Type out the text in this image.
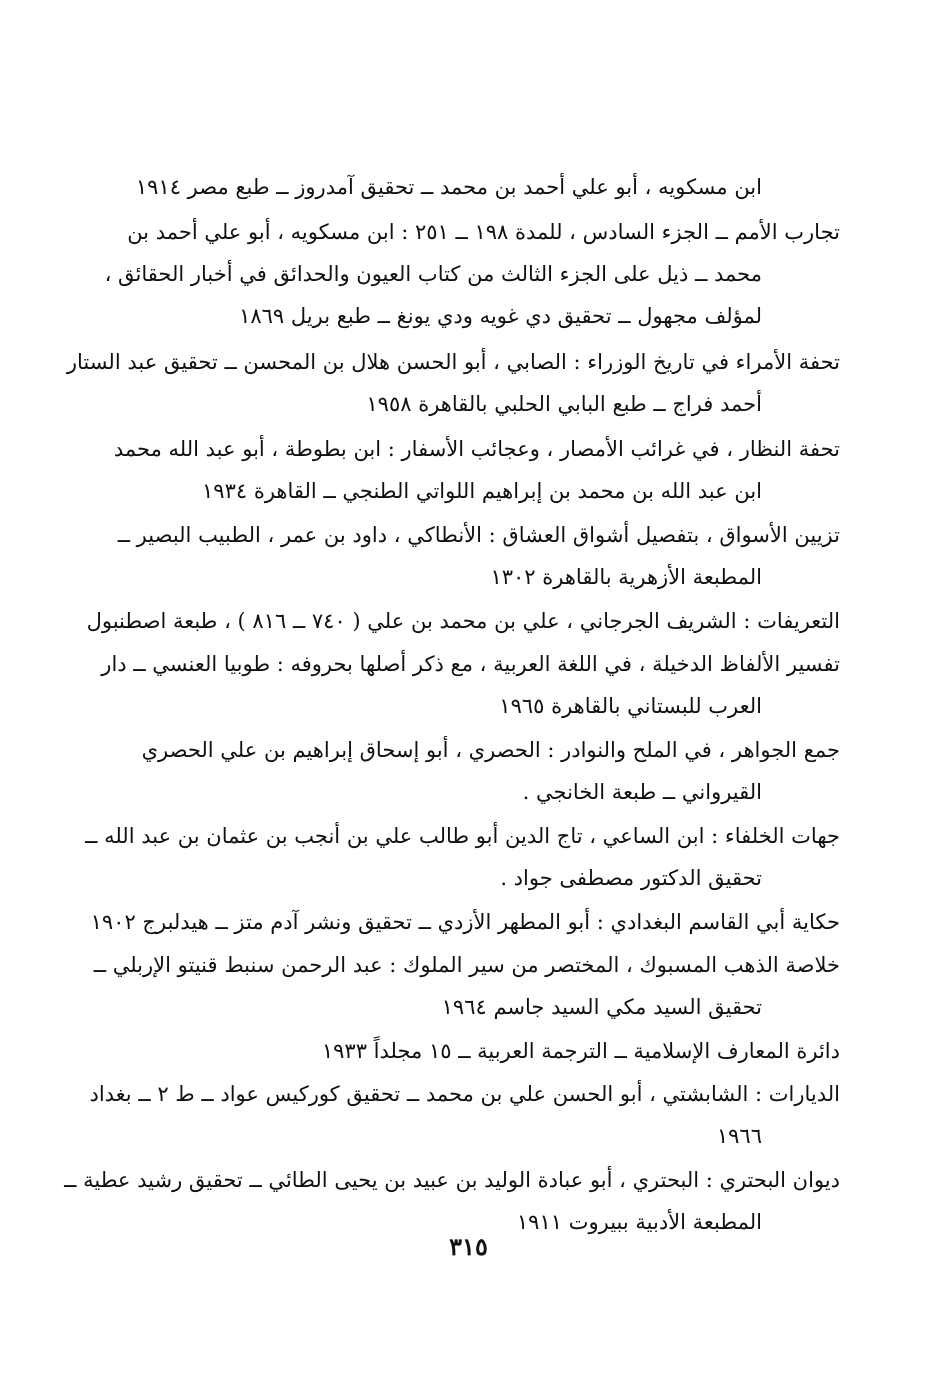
ابن مسكويه ، أبو علي أحمد بن محمد ــ تحقيق آمدروز ــ طبع مصر ١٩١٤
تجارب الأمم ــ الجزء السادس ، للمدة ١٩٨ ــ ٢٥١ : ابن مسكويه ، أبو علي أحمد بن
محمد ــ ذيل على الجزء الثالث من كتاب العيون والحدائق في أخبار الحقائق ،
لمؤلف مجهول ــ تحقيق دي غويه ودي يونغ ــ طبع بريل ١٨٦٩
تحفة الأمراء في تاريخ الوزراء : الصابي ، أبو الحسن هلال بن المحسن ــ تحقيق عبد الستار
أحمد فراج ــ طبع البابي الحلبي بالقاهرة ١٩٥٨
تحفة النظار ، في غرائب الأمصار ، وعجائب الأسفار : ابن بطوطة ، أبو عبد الله محمد
ابن عبد الله بن محمد بن إبراهيم اللواتي الطنجي ــ القاهرة ١٩٣٤
تزيين الأسواق ، بتفصيل أشواق العشاق : الأنطاكي ، داود بن عمر ، الطبيب البصير ــ
المطبعة الأزهرية بالقاهرة ١٣٠٢
التعريفات : الشريف الجرجاني ، علي بن محمد بن علي ( ٧٤٠ ــ ٨١٦ ) ، طبعة اصطنبول
تفسير الألفاظ الدخيلة ، في اللغة العربية ، مع ذكر أصلها بحروفه : طوبيا العنسي ــ دار
العرب للبستاني بالقاهرة ١٩٦٥
جمع الجواهر ، في الملح والنوادر : الحصري ، أبو إسحاق إبراهيم بن علي الحصري
القيرواني ــ طبعة الخانجي .
جهات الخلفاء : ابن الساعي ، تاج الدين أبو طالب علي بن أنجب بن عثمان بن عبد الله ــ
تحقيق الدكتور مصطفى جواد .
حكاية أبي القاسم البغدادي : أبو المطهر الأزدي ــ تحقيق ونشر آدم متز ــ هيدلبرج ١٩٠٢
خلاصة الذهب المسبوك ، المختصر من سير الملوك : عبد الرحمن سنبط قنيتو الإربلي ــ
تحقيق السيد مكي السيد جاسم ١٩٦٤
دائرة المعارف الإسلامية ــ الترجمة العربية ــ ١٥ مجلداً ١٩٣٣
الديارات : الشابشتي ، أبو الحسن علي بن محمد ــ تحقيق كوركيس عواد ــ ط ٢ ــ بغداد
١٩٦٦
ديوان البحتري : البحتري ، أبو عبادة الوليد بن عبيد بن يحيى الطائي ــ تحقيق رشيد عطية ــ
المطبعة الأدبية ببيروت ١٩١١
٣١٥
